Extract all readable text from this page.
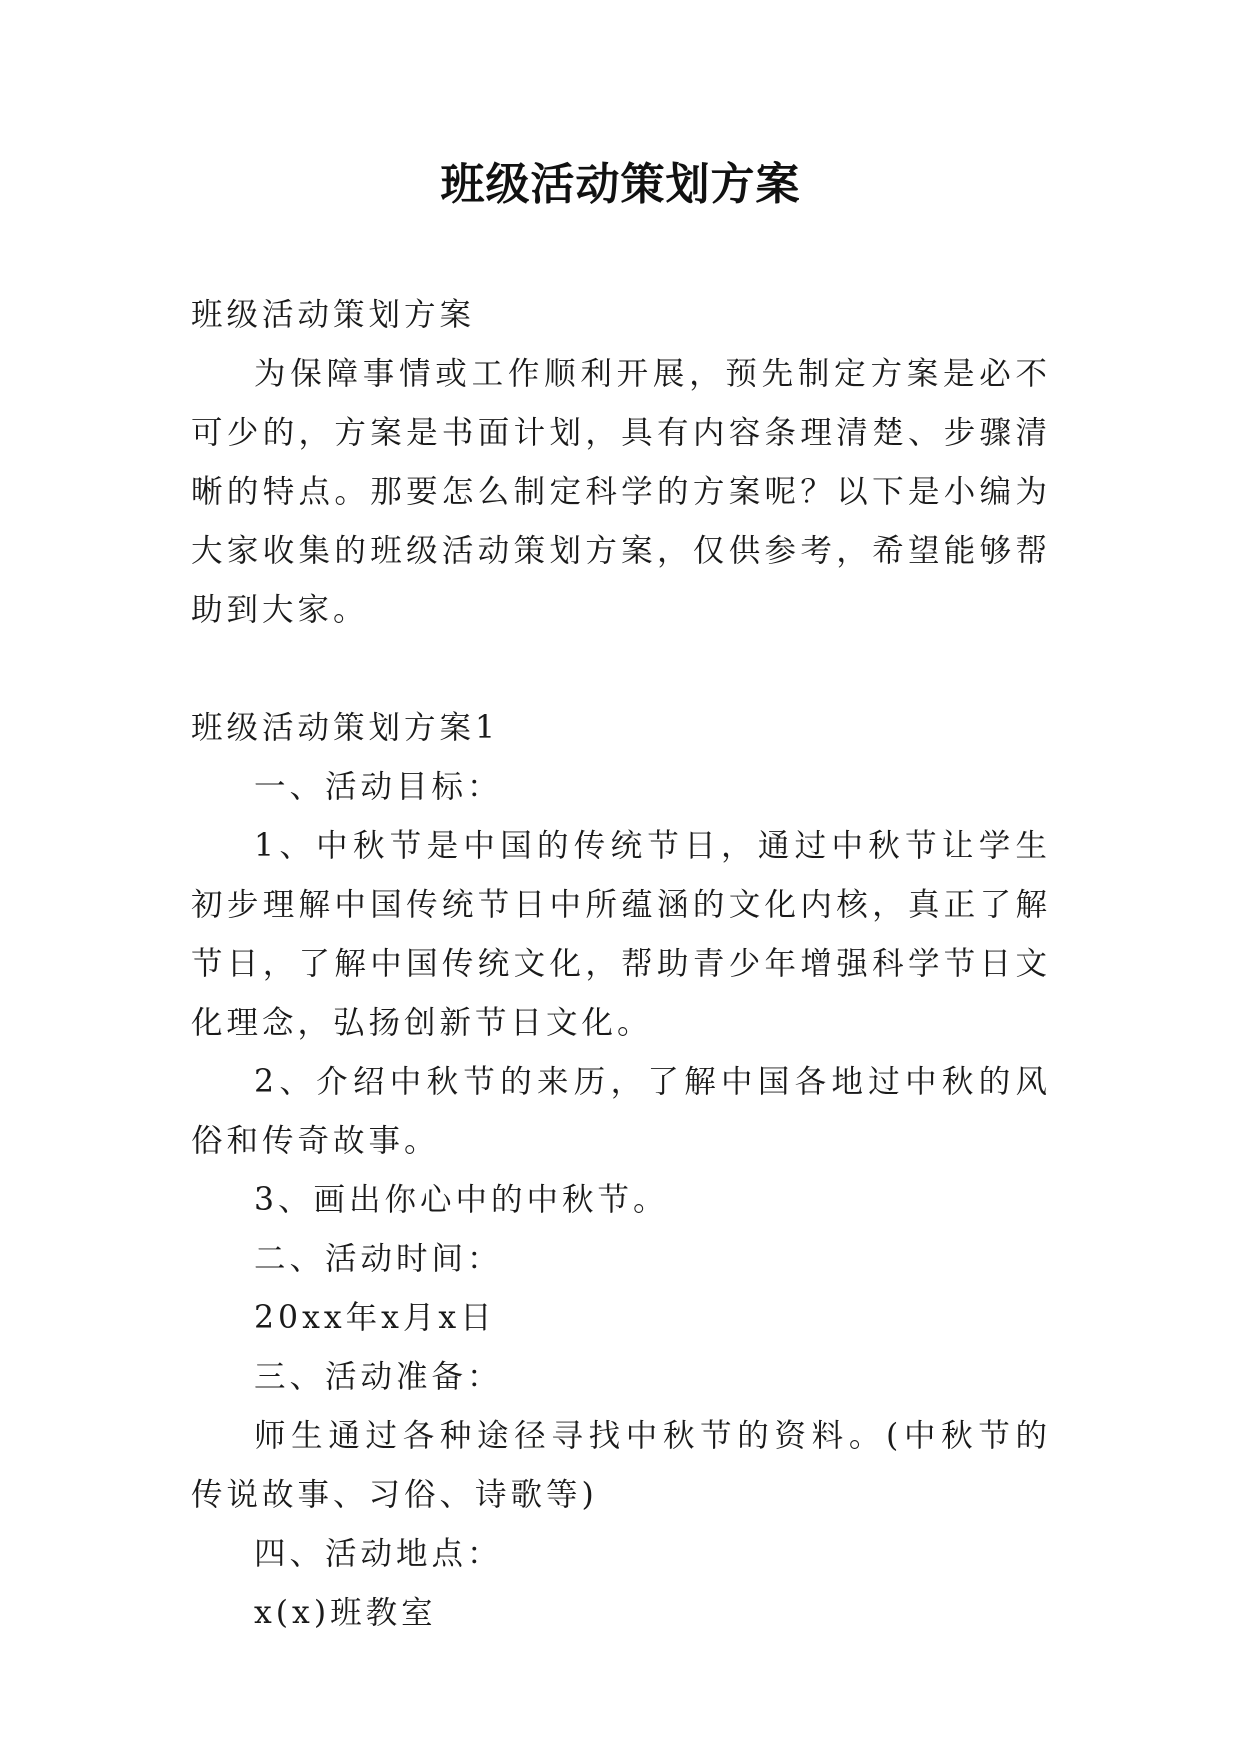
班级活动策划方案

班级活动策划方案

为保障事情或工作顺利开展，预先制定方案是必不可少的，方案是书面计划，具有内容条理清楚、步骤清晰的特点。那要怎么制定科学的方案呢？以下是小编为大家收集的班级活动策划方案，仅供参考，希望能够帮助到大家。

班级活动策划方案1

一、活动目标：

1、中秋节是中国的传统节日，通过中秋节让学生初步理解中国传统节日中所蕴涵的文化内核，真正了解节日，了解中国传统文化，帮助青少年增强科学节日文化理念，弘扬创新节日文化。

2、介绍中秋节的来历，了解中国各地过中秋的风俗和传奇故事。

3、画出你心中的中秋节。

二、活动时间：

20xx年x月x日

三、活动准备：

师生通过各种途径寻找中秋节的资料。(中秋节的传说故事、习俗、诗歌等)

四、活动地点：

x(x)班教室
